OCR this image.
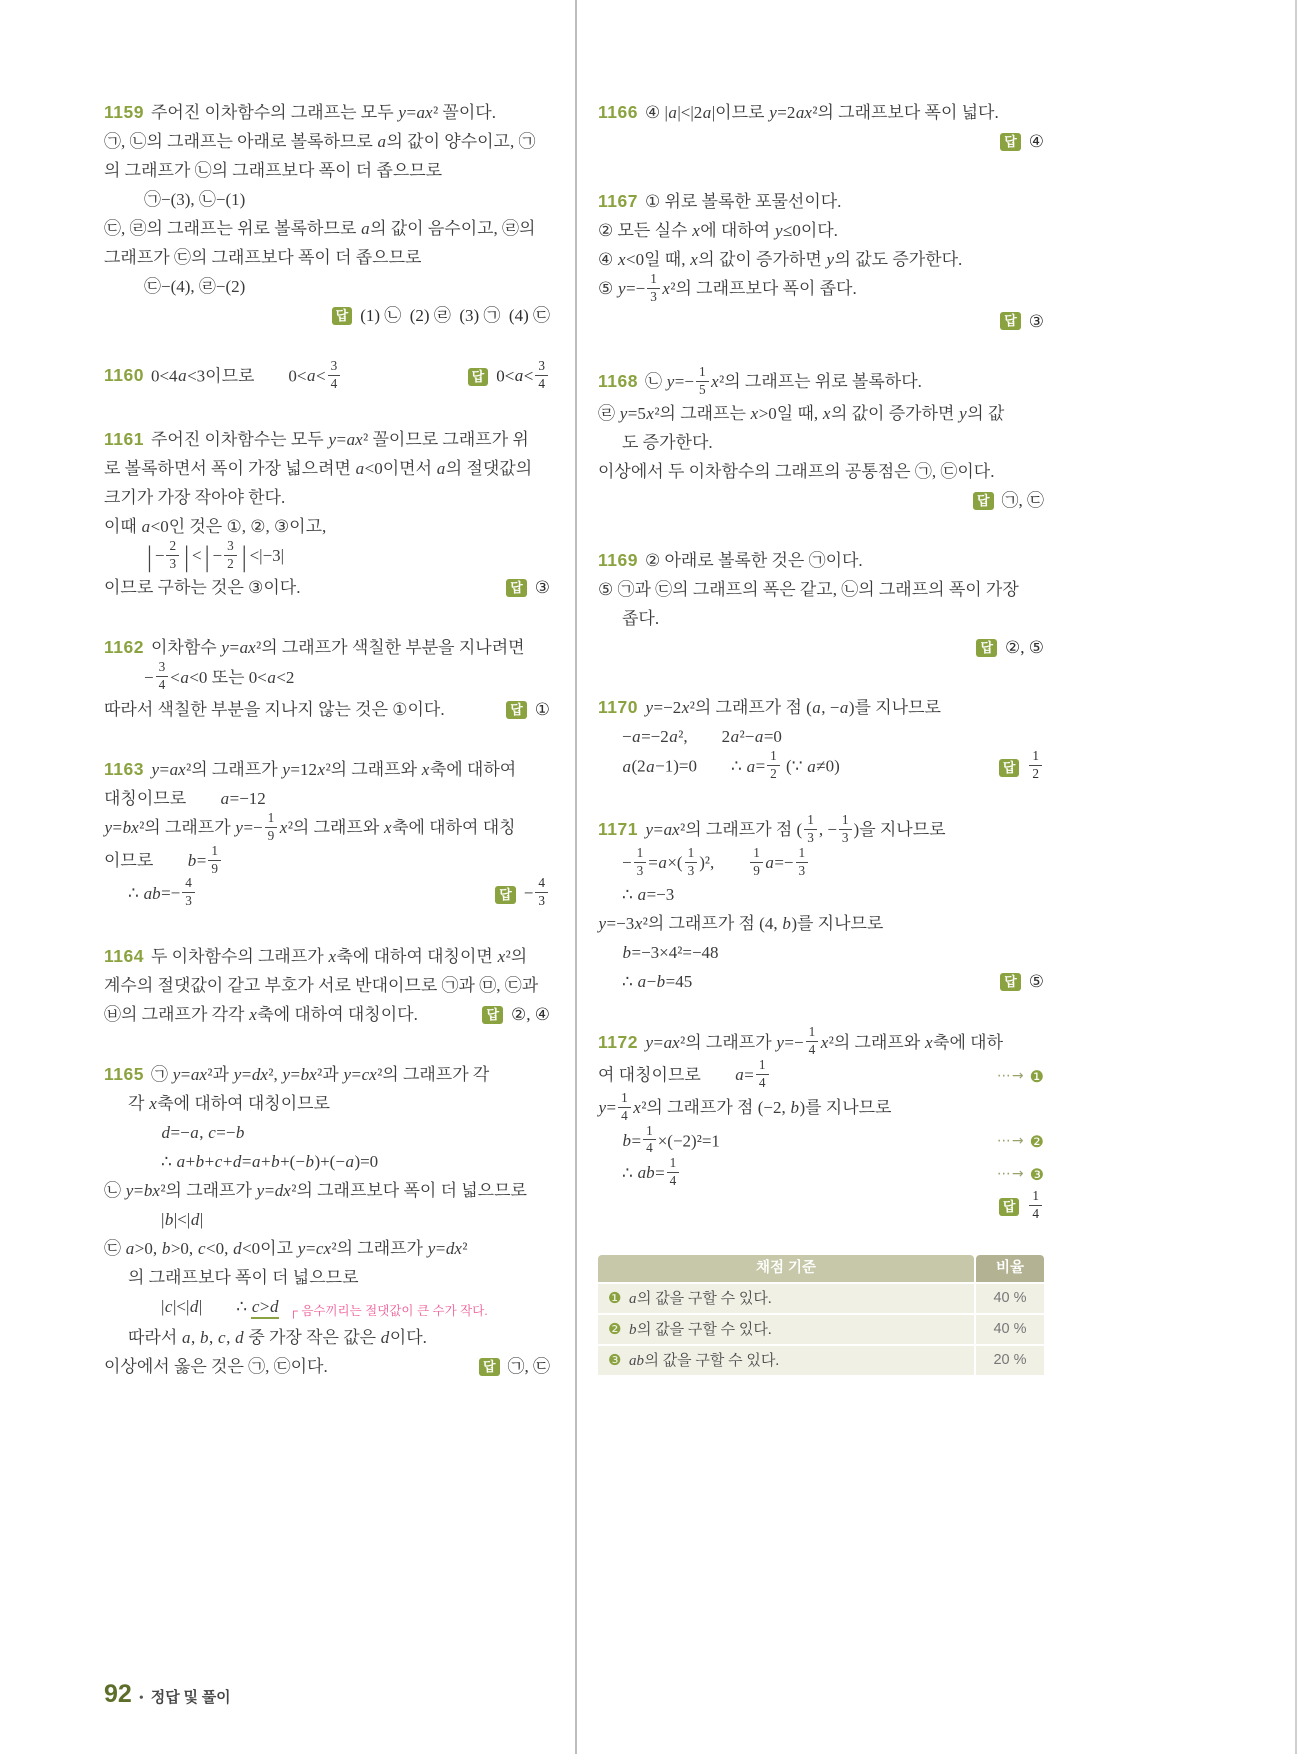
1159 주어진 이차함수의 그래프는 모두 y=ax² 꼴이다.
㉠, ㉡의 그래프는 아래로 볼록하므로 a의 값이 양수이고, ㉠
의 그래프가 ㉡의 그래프보다 폭이 더 좁으므로
㉠−(3), ㉡−(1)
㉢, ㉣의 그래프는 위로 볼록하므로 a의 값이 음수이고, ㉣의
그래프가 ㉢의 그래프보다 폭이 더 좁으므로
㉢−(4), ㉣−(2)
답 (1) ㉡ (2) ㉣ (3) ㉠ (4) ㉢
1160 0<4a<3이므로  $0<a< \frac{3}{4}$	답 $0<a< \frac{3}{4}$
1161 주어진 이차함수는 모두 y=ax² 꼴이므로 그래프가 위
로 볼록하면서 폭이 가장 넓으려면 a<0이면서 a의 절댓값의
크기가 가장 작아야 한다.
이때 a<0인 것은 ①, ②, ③이고,
|− $\frac{2}{3}$ |<|− $\frac{3}{2} |<|-3|$
이므로 구하는 것은 ③이다.	답 ③
1162 이차함수 y=ax²의 그래프가 색칠한 부분을 지나려면
− $\frac{3}{4} <a<0$ 또는 0<a<2
따라서 색칠한 부분을 지나지 않는 것은 ①이다.	답 ①
1163 y=ax²의 그래프가 y=12x²의 그래프와 x축에 대하여
대칭이므로  a=−12
y=bx²의 그래프가 $y=- \frac{1}{9} x^2$의 그래프와 x축에 대하여 대칭
이므로  $b= \frac{1}{9}$
∴ $ab=- \frac{4}{3}$	답 − $\frac{4}{3}$
1164 두 이차함수의 그래프가 x축에 대하여 대칭이면 x²의
계수의 절댓값이 같고 부호가 서로 반대이므로 ㉠과 ㉤, ㉢과
㉥의 그래프가 각각 x축에 대하여 대칭이다.	답 ②, ④
1165 ㉠ y=ax²과 y=dx², y=bx²과 y=cx²의 그래프가 각
각 x축에 대하여 대칭이므로
d=−a, c=−b
∴ a+b+c+d=a+b+(−b)+(−a)=0
㉡ y=bx²의 그래프가 y=dx²의 그래프보다 폭이 더 넓으므로
|b|<|d|
㉢ a>0, b>0, c<0, d<0이고 y=cx²의 그래프가 y=dx²
의 그래프보다 폭이 더 넓으므로
|c|<|d|  ∴ c>d ┌ 음수끼리는 절댓값이 큰 수가 작다.
따라서 a, b, c, d 중 가장 작은 값은 d이다.
이상에서 옳은 것은 ㉠, ㉢이다.	답 ㉠, ㉢
1166 ④ |a|<|2a|이므로 y=2ax²의 그래프보다 폭이 넓다.
답 ④
1167 ① 위로 볼록한 포물선이다.
② 모든 실수 x에 대하여 y≤0이다.
④ x<0일 때, x의 값이 증가하면 y의 값도 증가한다.
⑤ $y=- \frac{1}{3} x^2$의 그래프보다 폭이 좁다.
답 ③
1168 ㉡ $y=- \frac{1}{5} x^2$의 그래프는 위로 볼록하다.
㉣ y=5x²의 그래프는 x>0일 때, x의 값이 증가하면 y의 값
도 증가한다.
이상에서 두 이차함수의 그래프의 공통점은 ㉠, ㉢이다.
답 ㉠, ㉢
1169 ② 아래로 볼록한 것은 ㉠이다.
⑤ ㉠과 ㉢의 그래프의 폭은 같고, ㉡의 그래프의 폭이 가장
좁다.
답 ②, ⑤
1170 y=−2x²의 그래프가 점 (a, −a)를 지나므로
−a=−2a²,  2a²−a=0
a(2a−1)=0  ∴ $a= \frac{1}{2}$ (∵ a≠0)	답	$\frac{1}{2}$
1171 y=ax²의 그래프가 점 ( $\frac{1}{3}$ , − $\frac{1}{3}$ )을 지나므로
− $\frac{1}{3} =a\times( \frac{1}{3} )^2$,   $\frac{1}{9} a=- \frac{1}{3}$
∴ a=−3
y=−3x²의 그래프가 점 (4, b)를 지나므로
b=−3×4²=−48
∴ a−b=45	답 ⑤
1172 y=ax²의 그래프가 $y=- \frac{1}{4} x^2$의 그래프와 x축에 대하
여 대칭이므로  $a= \frac{1}{4}$	⋯→ ❶
$y= \frac{1}{4} x^2$의 그래프가 점 (−2, b)를 지나므로
$b= \frac{1}{4} \times(-2)^2=1$	⋯→ ❷
∴ $ab= \frac{1}{4}$	⋯→ ❸
답	$\frac{1}{4}$
채점 기준	비율
❶ a의 값을 구할 수 있다.	40 %
❷ b의 값을 구할 수 있다.	40 %
❸ ab의 값을 구할 수 있다.	20 %
92 • 정답 및 풀이
